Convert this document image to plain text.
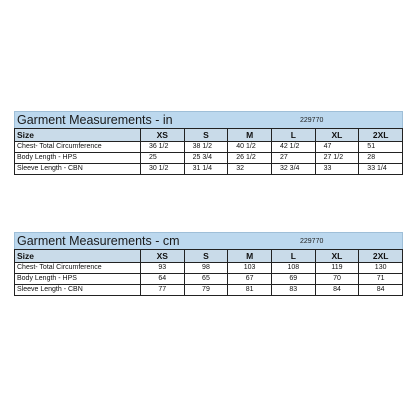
Garment Measurements - in	229770
Size	XS	S	M	L	XL	2XL
Chest- Total Circumference	36 1/2	38 1/2	40 1/2	42 1/2	47	51
Body Length - HPS	25	25 3/4	26 1/2	27	27 1/2	28
Sleeve Length - CBN	30 1/2	31 1/4	32	32 3/4	33	33 1/4
Garment Measurements - cm	229770
Size	XS	S	M	L	XL	2XL
Chest- Total Circumference	93	98	103	108	119	130
Body Length - HPS	64	65	67	69	70	71
Sleeve Length - CBN	77	79	81	83	84	84
